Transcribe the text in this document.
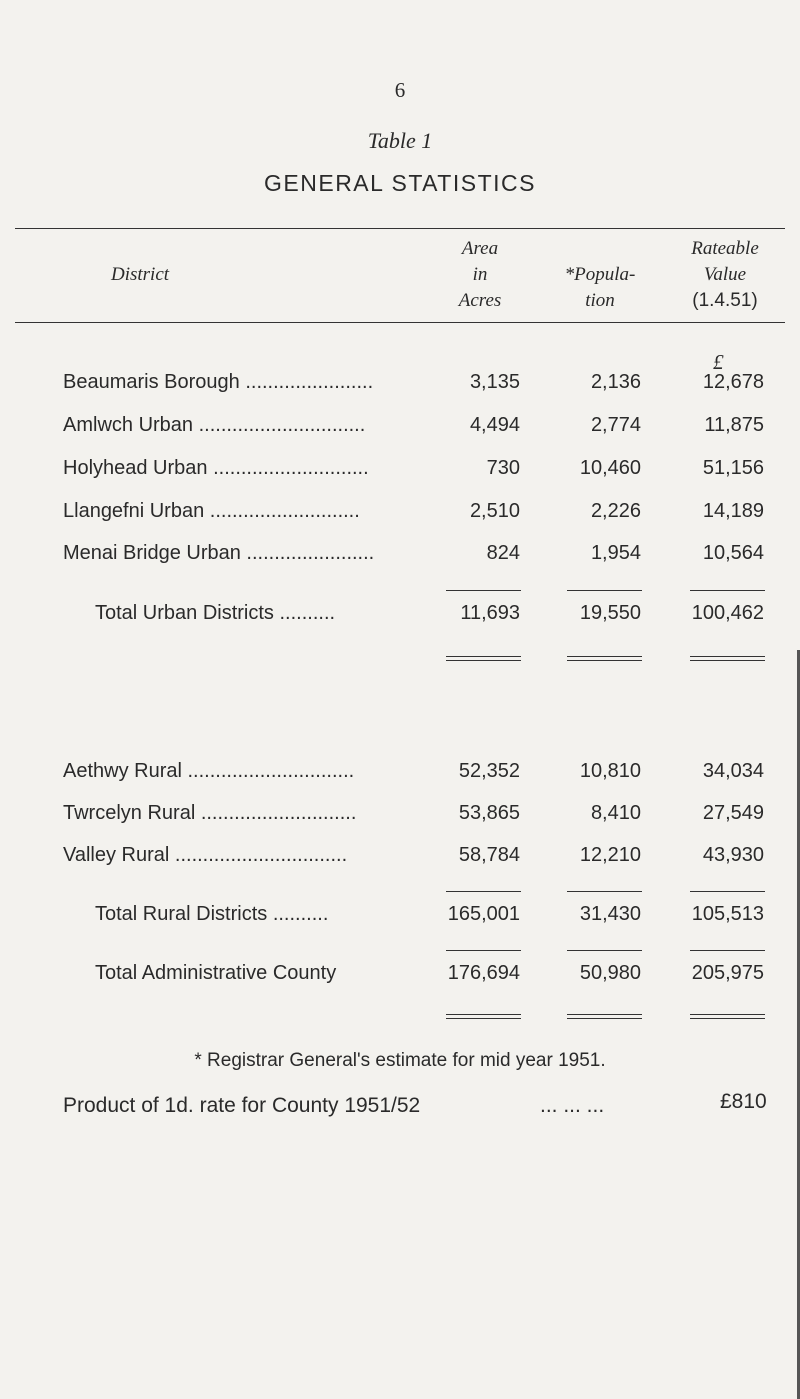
6
Table 1
GENERAL STATISTICS
District
Area
in
Acres
*Popula-
tion
Rateable
Value
(1.4.51)
£
Beaumaris Borough .......................	3,135	2,136	12,678
Amlwch Urban ..............................	4,494	2,774	11,875
Holyhead Urban ............................	730	10,460	51,156
Llangefni Urban ...........................	2,510	2,226	14,189
Menai Bridge Urban .......................	824	1,954	10,564
Total Urban Districts ..........	11,693	19,550	100,462
Aethwy Rural ..............................	52,352	10,810	34,034
Twrcelyn Rural ............................	53,865	8,410	27,549
Valley Rural ...............................	58,784	12,210	43,930
Total Rural Districts ..........	165,001	31,430	105,513
Total Administrative County	176,694	50,980	205,975
* Registrar General's estimate for mid year 1951.
Product of 1d. rate for County 1951/52	... ... ...	£810
